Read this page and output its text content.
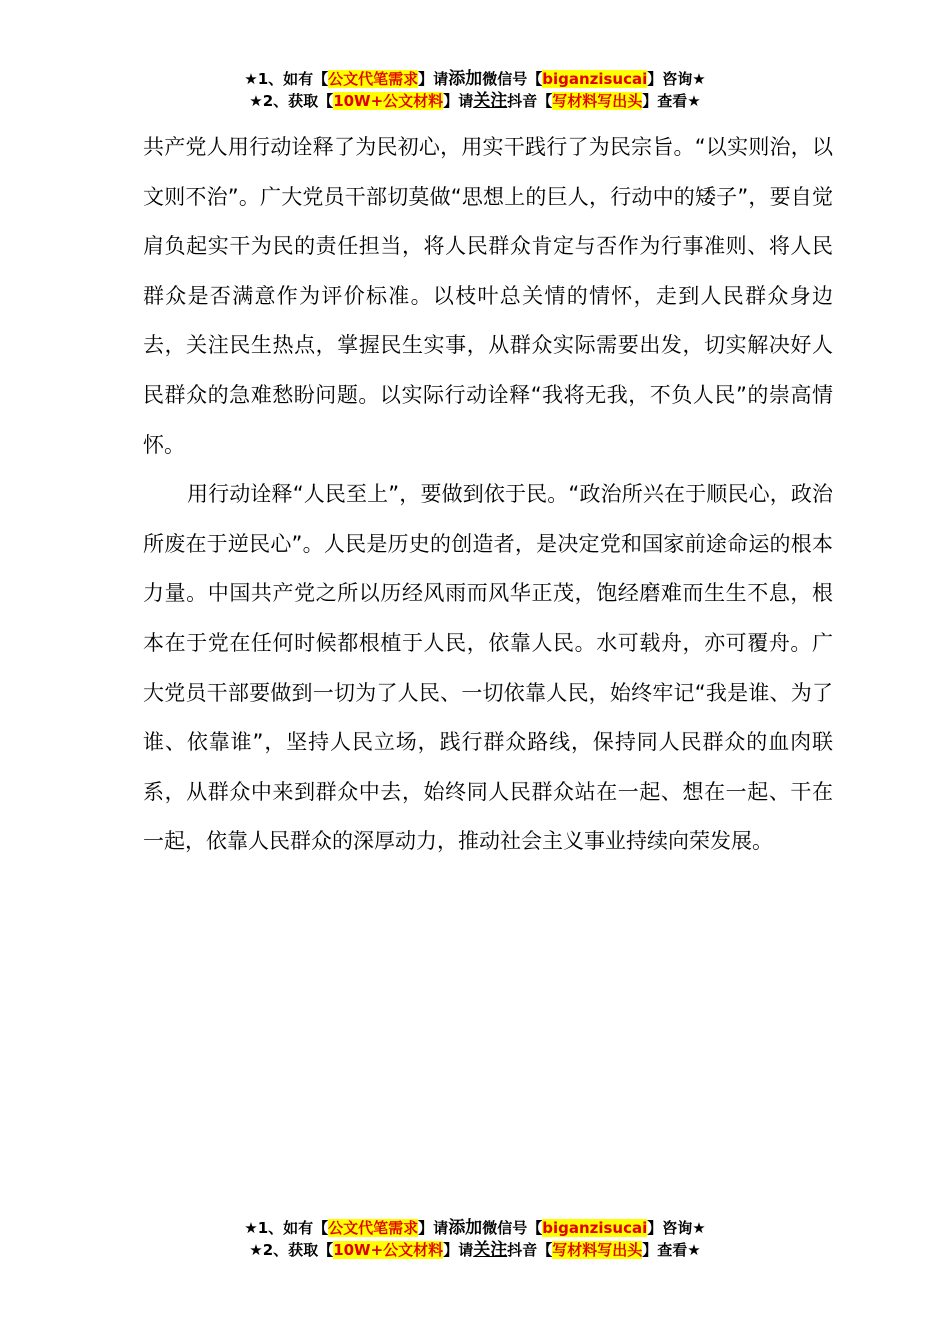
★1、如有【公文代笔需求】请添加微信号【biganzisucai】咨询★
★2、获取【10W+公文材料】请关注抖音【写材料写出头】查看★

共产党人用行动诠释了为民初心，用实干践行了为民宗旨。“以实则治，以文则不治”。广大党员干部切莫做“思想上的巨人，行动中的矮子”，要自觉肩负起实干为民的责任担当，将人民群众肯定与否作为行事准则、将人民群众是否满意作为评价标准。以枝叶总关情的情怀，走到人民群众身边去，关注民生热点，掌握民生实事，从群众实际需要出发，切实解决好人民群众的急难愁盼问题。以实际行动诠释“我将无我，不负人民”的崇高情怀。

用行动诠释“人民至上”，要做到依于民。“政治所兴在于顺民心，政治所废在于逆民心”。人民是历史的创造者，是决定党和国家前途命运的根本力量。中国共产党之所以历经风雨而风华正茂，饱经磨难而生生不息，根本在于党在任何时候都根植于人民，依靠人民。水可载舟，亦可覆舟。广大党员干部要做到一切为了人民、一切依靠人民，始终牢记“我是谁、为了谁、依靠谁”，坚持人民立场，践行群众路线，保持同人民群众的血肉联系，从群众中来到群众中去，始终同人民群众站在一起、想在一起、干在一起，依靠人民群众的深厚动力，推动社会主义事业持续向荣发展。

★1、如有【公文代笔需求】请添加微信号【biganzisucai】咨询★
★2、获取【10W+公文材料】请关注抖音【写材料写出头】查看★
